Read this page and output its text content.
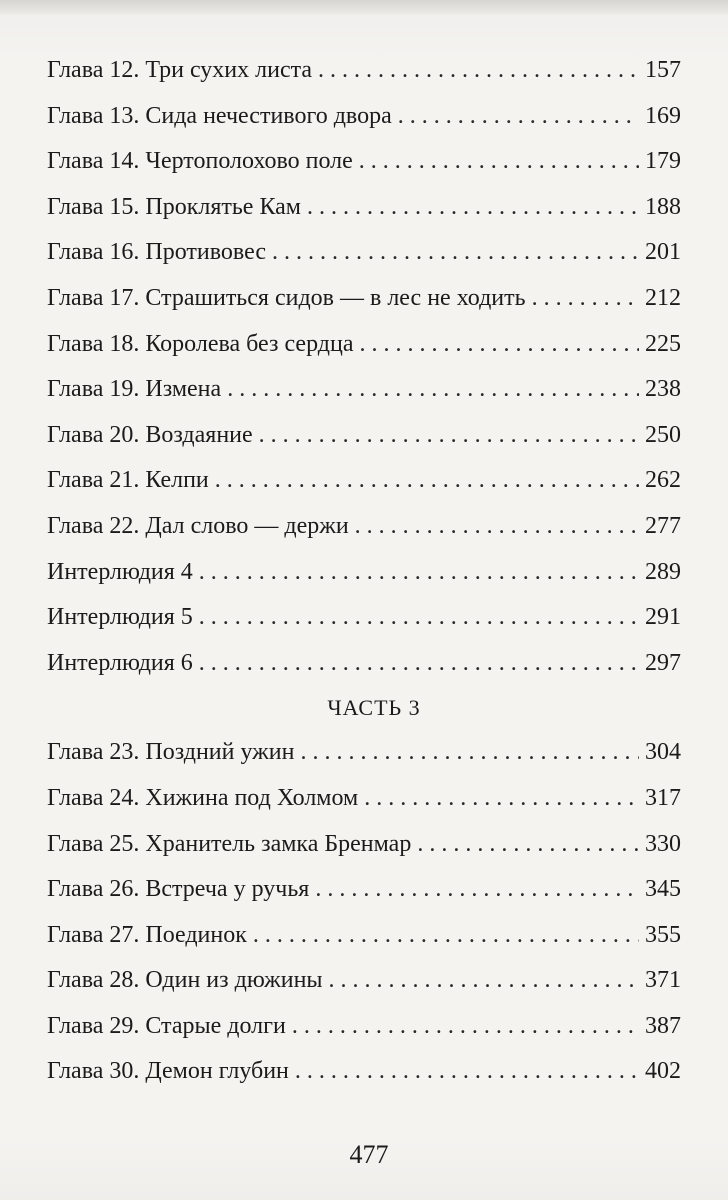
Глава 12. Три сухих листа . . .	157
Глава 13. Сида нечестивого двора . . .	169
Глава 14. Чертополохово поле . . .	179
Глава 15. Проклятье Кам . . .	188
Глава 16. Противовес . . .	201
Глава 17. Страшиться сидов — в лес не ходить . . .	212
Глава 18. Королева без сердца . . .	225
Глава 19. Измена . . .	238
Глава 20. Воздаяние . . .	250
Глава 21. Келпи . . .	262
Глава 22. Дал слово — держи . . .	277
Интерлюдия 4 . . .	289
Интерлюдия 5 . . .	291
Интерлюдия 6 . . .	297
ЧАСТЬ 3
Глава 23. Поздний ужин . . .	304
Глава 24. Хижина под Холмом . . .	317
Глава 25. Хранитель замка Бренмар . . .	330
Глава 26. Встреча у ручья . . .	345
Глава 27. Поединок . . .	355
Глава 28. Один из дюжины . . .	371
Глава 29. Старые долги . . .	387
Глава 30. Демон глубин . . .	402
477
